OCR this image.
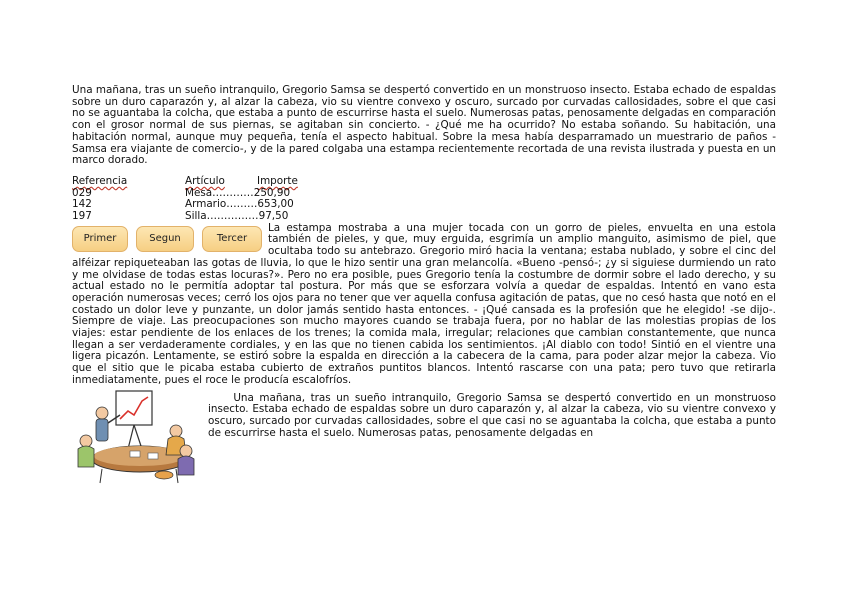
Una mañana, tras un sueño intranquilo, Gregorio Samsa se despertó convertido en un monstruoso insecto. Estaba echado de espaldas sobre un duro caparazón y, al alzar la cabeza, vio su vientre convexo y oscuro, surcado por curvadas callosidades, sobre el que casi no se aguantaba la colcha, que estaba a punto de escurrirse hasta el suelo. Numerosas patas, penosamente delgadas en comparación con el grosor normal de sus piernas, se agitaban sin concierto. - ¿Qué me ha ocurrido? No estaba soñando. Su habitación, una habitación normal, aunque muy pequeña, tenía el aspecto habitual. Sobre la mesa había desparramado un muestrario de paños - Samsa era viajante de comercio-, y de la pared colgaba una estampa recientemente recortada de una revista ilustrada y puesta en un marco dorado.

Referencia	Artículo	Importe
029	Mesa…………250,90	
142	Armario………653,00	
197	Silla……………97,50	
Primer	Segun	Tercer

La estampa mostraba a una mujer tocada con un gorro de pieles, envuelta en una estola también de pieles, y que, muy erguida, esgrimía un amplio manguito, asimismo de piel, que ocultaba todo su antebrazo. Gregorio miró hacia la ventana; estaba nublado, y sobre el cinc del alféizar repiqueteaban las gotas de lluvia, lo que le hizo sentir una gran melancolía. «Bueno -pensó-; ¿y si siguiese durmiendo un rato y me olvidase de todas estas locuras?». Pero no era posible, pues Gregorio tenía la costumbre de dormir sobre el lado derecho, y su actual estado no le permitía adoptar tal postura. Por más que se esforzara volvía a quedar de espaldas. Intentó en vano esta operación numerosas veces; cerró los ojos para no tener que ver aquella confusa agitación de patas, que no cesó hasta que notó en el costado un dolor leve y punzante, un dolor jamás sentido hasta entonces. - ¡Qué cansada es la profesión que he elegido! -se dijo-. Siempre de viaje. Las preocupaciones son mucho mayores cuando se trabaja fuera, por no hablar de las molestias propias de los viajes: estar pendiente de los enlaces de los trenes; la comida mala, irregular; relaciones que cambian constantemente, que nunca llegan a ser verdaderamente cordiales, y en las que no tienen cabida los sentimientos. ¡Al diablo con todo! Sintió en el vientre una ligera picazón. Lentamente, se estiró sobre la espalda en dirección a la cabecera de la cama, para poder alzar mejor la cabeza. Vio que el sitio que le picaba estaba cubierto de extraños puntitos blancos. Intentó rascarse con una pata; pero tuvo que retirarla inmediatamente, pues el roce le producía escalofríos.

Una mañana, tras un sueño intranquilo, Gregorio Samsa se despertó convertido en un monstruoso insecto. Estaba echado de espaldas sobre un duro caparazón y, al alzar la cabeza, vio su vientre convexo y oscuro, surcado por curvadas callosidades, sobre el que casi no se aguantaba la colcha, que estaba a punto de escurrirse hasta el suelo. Numerosas patas, penosamente delgadas en
